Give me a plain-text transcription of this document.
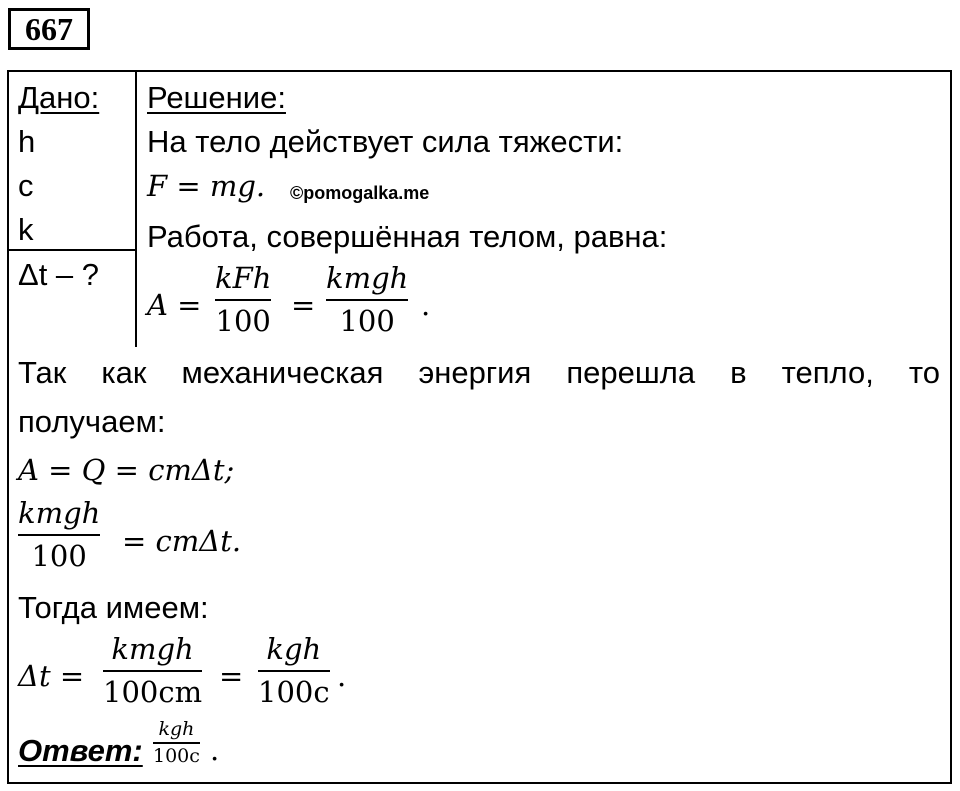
667
Дано:
h
c
k
Δt – ?
Решение:
На тело действует сила тяжести:
F = mg. ©pomogalka.me
Работа, совершённая телом, равна:
A =
kFh
100 =
kmgh
100 .
Так как механическая энергия перешла в тепло, то
получаем:
A = Q = cmΔt;
kmgh
100 = cmΔt.
Тогда имеем:
Δt =
kmgh
100cm =
kgh
100c .
Ответ:
kgh
100c .
